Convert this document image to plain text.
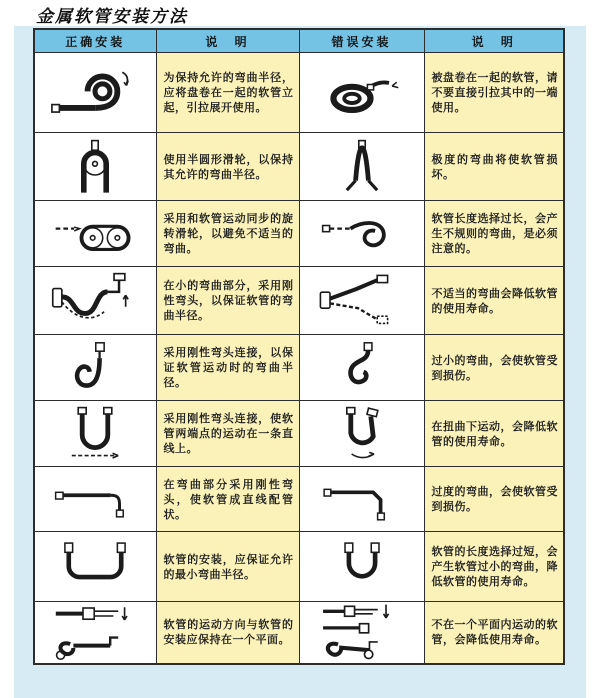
金属软管安装方法
正确安装	说  明	错误安装	说  明
	为保持允许的弯曲半径，应将盘卷在一起的软管立起，引拉展开使用。		被盘卷在一起的软管，请不要直接引拉其中的一端使用。
	使用半圆形滑轮，以保持其允许的弯曲半径。		极度的弯曲将使软管损坏。
	采用和软管运动同步的旋转滑轮，以避免不适当的弯曲。		软管长度选择过长，会产生不规则的弯曲，是必须注意的。
	在小的弯曲部分，采用刚性弯头，以保证软管的弯曲半径。		不适当的弯曲会降低软管的使用寿命。
	采用刚性弯头连接，以保证软管运动时的弯曲半径。		过小的弯曲，会使软管受到损伤。
	采用刚性弯头连接，使软管两端点的运动在一条直线上。		在扭曲下运动，会降低软管的使用寿命。
	在弯曲部分采用刚性弯头，使软管成直线配管状。		过度的弯曲，会使软管受到损伤。
	软管的安装，应保证允许的最小弯曲半径。		软管的长度选择过短，会产生软管过小的弯曲，降低软管的使用寿命。
	软管的运动方向与软管的安装应保持在一个平面。		不在一个平面内运动的软管，会降低使用寿命。
